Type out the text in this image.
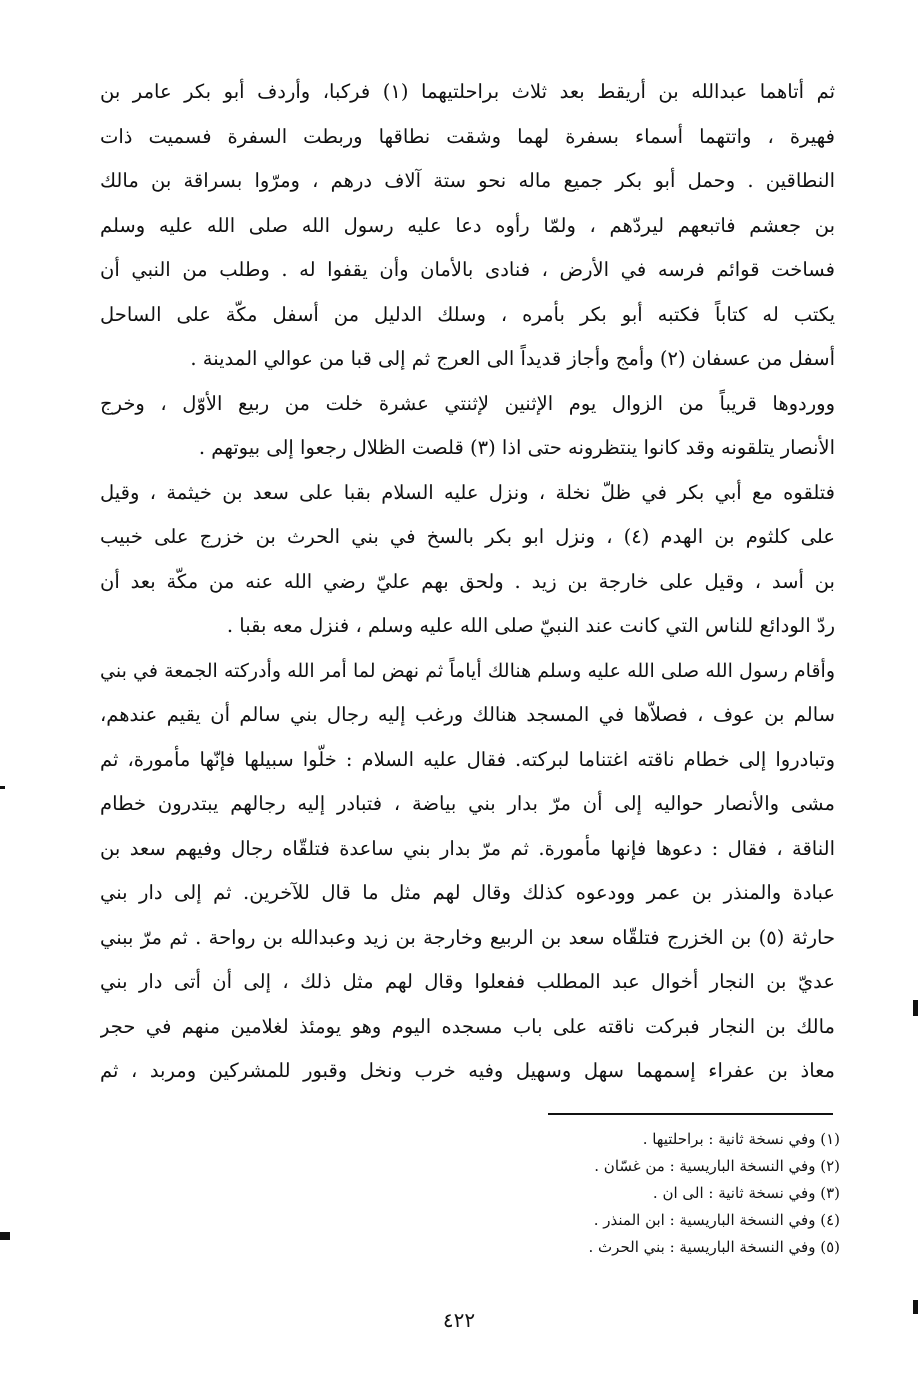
ثم أتاهما عبدالله بن أريقط بعد ثلاث براحلتيهما (١) فركبا، وأردف أبو بكر عامر بن
فهيرة ، واتتهما أسماء بسفرة لهما وشقت نطاقها وربطت السفرة فسميت ذات
النطاقين . وحمل أبو بكر جميع ماله نحو ستة آلاف درهم ، ومرّوا بسراقة بن مالك
بن جعشم فاتبعهم ليردّهم ، ولمّا رأوه دعا عليه رسول الله صلى الله عليه وسلم
فساخت قوائم فرسه في الأرض ، فنادى بالأمان وأن يقفوا له . وطلب من النبي أن
يكتب له كتاباً فكتبه أبو بكر بأمره ، وسلك الدليل من أسفل مكّة على الساحل
أسفل من عسفان (٢) وأمج وأجاز قديداً الى العرج ثم إلى قبا من عوالي المدينة .
ووردوها قريباً من الزوال يوم الإثنين لإثنتي عشرة خلت من ربيع الأوّل ، وخرج
الأنصار يتلقونه وقد كانوا ينتظرونه حتى اذا (٣) قلصت الظلال رجعوا إلى بيوتهم .
فتلقوه مع أبي بكر في ظلّ نخلة ، ونزل عليه السلام بقبا على سعد بن خيثمة ، وقيل
على كلثوم بن الهدم (٤) ، ونزل ابو بكر بالسخ في بني الحرث بن خزرج على خبيب
بن أسد ، وقيل على خارجة بن زيد . ولحق بهم عليّ رضي الله عنه من مكّة بعد أن
ردّ الودائع للناس التي كانت عند النبيّ صلى الله عليه وسلم ، فنزل معه بقبا .
وأقام رسول الله صلى الله عليه وسلم هنالك أياماً ثم نهض لما أمر الله وأدركته الجمعة في بني
سالم بن عوف ، فصلاّها في المسجد هنالك ورغب إليه رجال بني سالم أن يقيم عندهم،
وتبادروا إلى خطام ناقته اغتناما لبركته. فقال عليه السلام : خلّوا سبيلها فإنّها مأمورة، ثم
مشى والأنصار حواليه إلى أن مرّ بدار بني بياضة ، فتبادر إليه رجالهم يبتدرون خطام
الناقة ، فقال : دعوها فإنها مأمورة. ثم مرّ بدار بني ساعدة فتلقّاه رجال وفيهم سعد بن
عبادة والمنذر بن عمر وودعوه كذلك وقال لهم مثل ما قال للآخرين. ثم إلى دار بني
حارثة (٥) بن الخزرج فتلقّاه سعد بن الربيع وخارجة بن زيد وعبدالله بن رواحة . ثم مرّ ببني
عديّ بن النجار أخوال عبد المطلب ففعلوا وقال لهم مثل ذلك ، إلى أن أتى دار بني
مالك بن النجار فبركت ناقته على باب مسجده اليوم وهو يومئذ لغلامين منهم في حجر
معاذ بن عفراء إسمهما سهل وسهيل وفيه خرب ونخل وقبور للمشركين ومربد ، ثم
(١) وفي نسخة ثانية : براحلتيها .
(٢) وفي النسخة الباريسية : من غسّان .
(٣) وفي نسخة ثانية : الى ان .
(٤) وفي النسخة الباريسية : ابن المنذر .
(٥) وفي النسخة الباريسية : بني الحرث .
٤٢٢
